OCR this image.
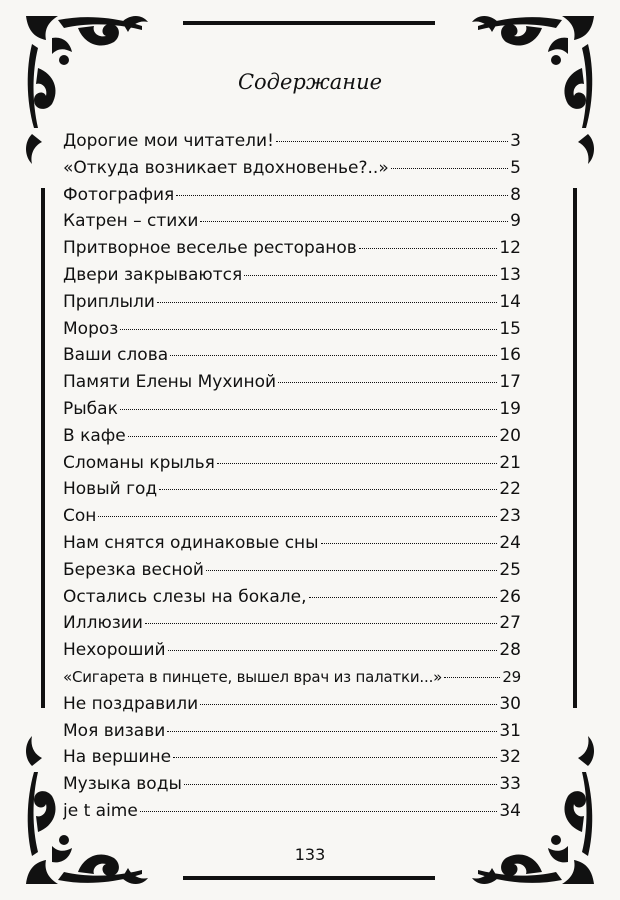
Содержание
Дорогие мои читатели!	3
«Откуда возникает вдохновенье?..»	5
Фотография	8
Катрен – стихи	9
Притворное веселье ресторанов	12
Двери закрываются	13
Приплыли	14
Мороз	15
Ваши слова	16
Памяти Елены Мухиной	17
Рыбак	19
В кафе	20
Сломаны крылья	21
Новый год	22
Сон	23
Нам снятся одинаковые сны	24
Березка весной	25
Остались слезы на бокале,	26
Иллюзии	27
Нехороший	28
«Сигарета в пинцете, вышел врач из палатки...»	29
Не поздравили	30
Моя визави	31
На вершине	32
Музыка воды	33
je t aime	34
133
